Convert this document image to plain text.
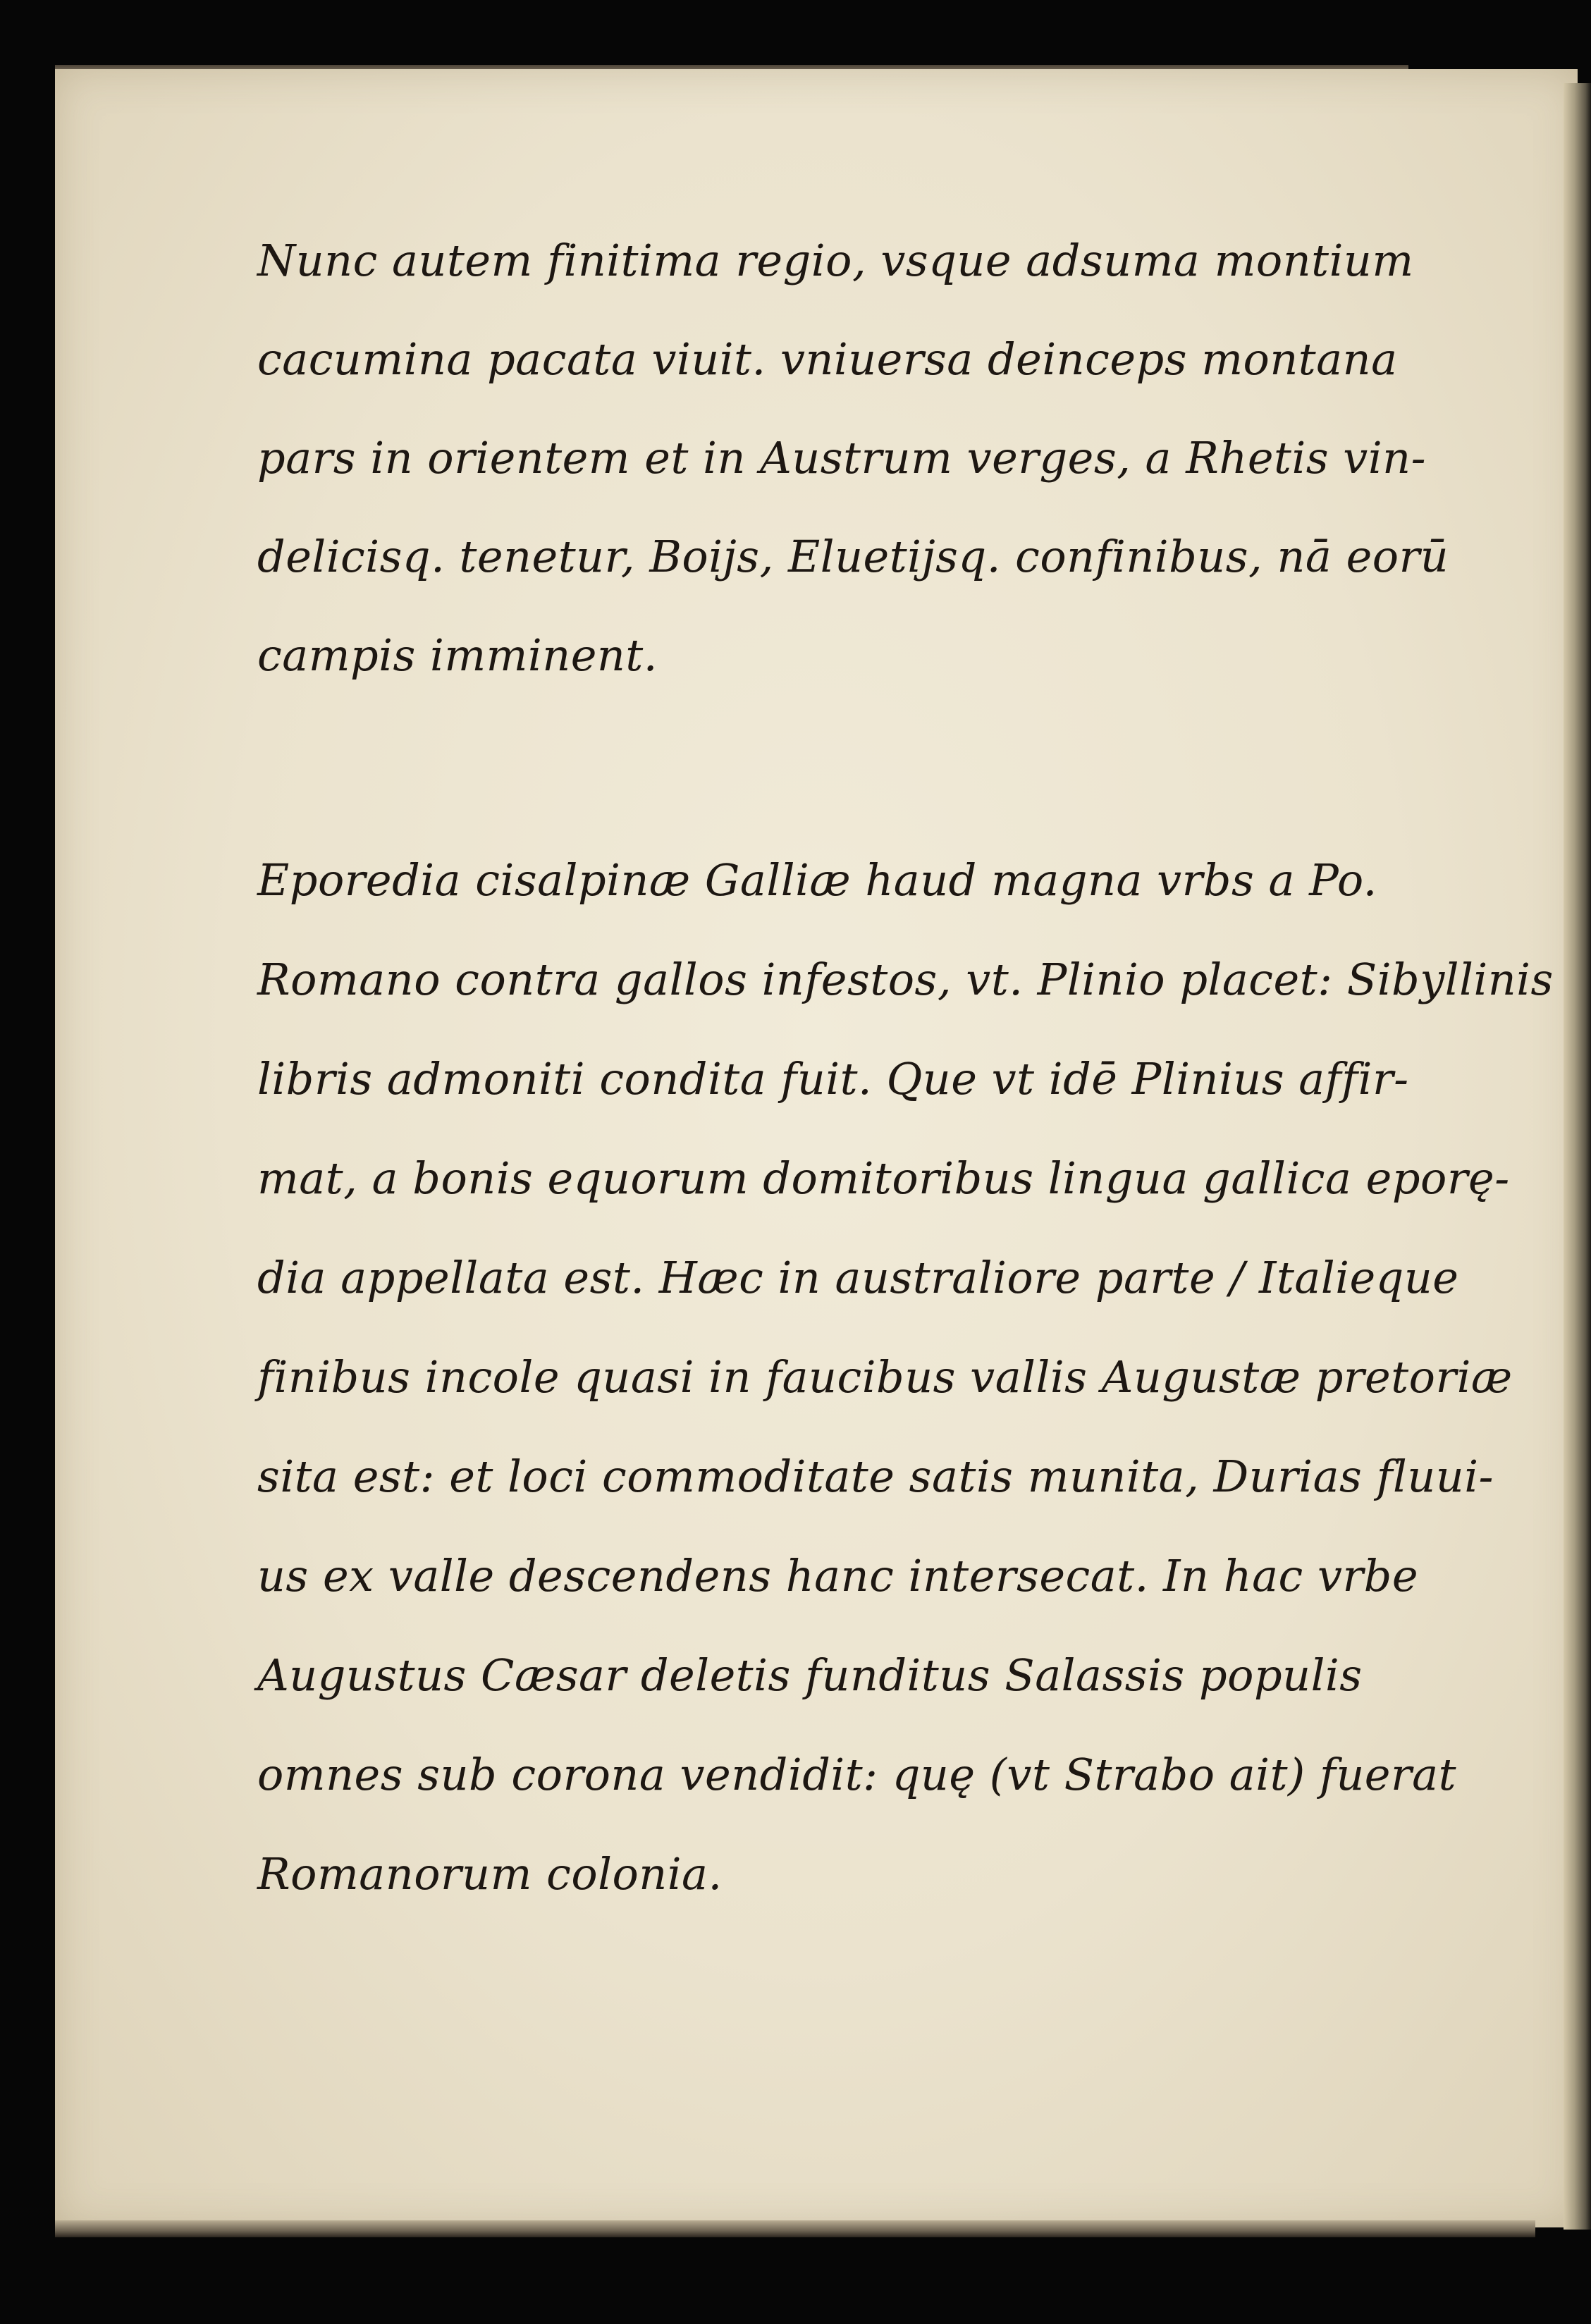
Nunc autem finitima regio, vsque adsuma montium
cacumina pacata viuit. vniuersa deinceps montana
pars in orientem et in Austrum verges, a Rhetis vin-
delicisq. tenetur, Boijs, Eluetijsq. confinibus, nā eorū
campis imminent.
Eporedia cisalpinæ Galliæ haud magna vrbs a Po.
Romano contra gallos infestos, vt. Plinio placet: Sibyllinis
libris admoniti condita fuit. Que vt idē Plinius affir-
mat, a bonis equorum domitoribus lingua gallica eporę-
dia appellata est. Hæc in australiore parte / Italieque
finibus incole quasi in faucibus vallis Augustæ pretoriæ
sita est: et loci commoditate satis munita, Durias fluui-
us ex valle descendens hanc intersecat. In hac vrbe
Augustus Cæsar deletis funditus Salassis populis
omnes sub corona vendidit: quę (vt Strabo ait) fuerat
Romanorum colonia.
